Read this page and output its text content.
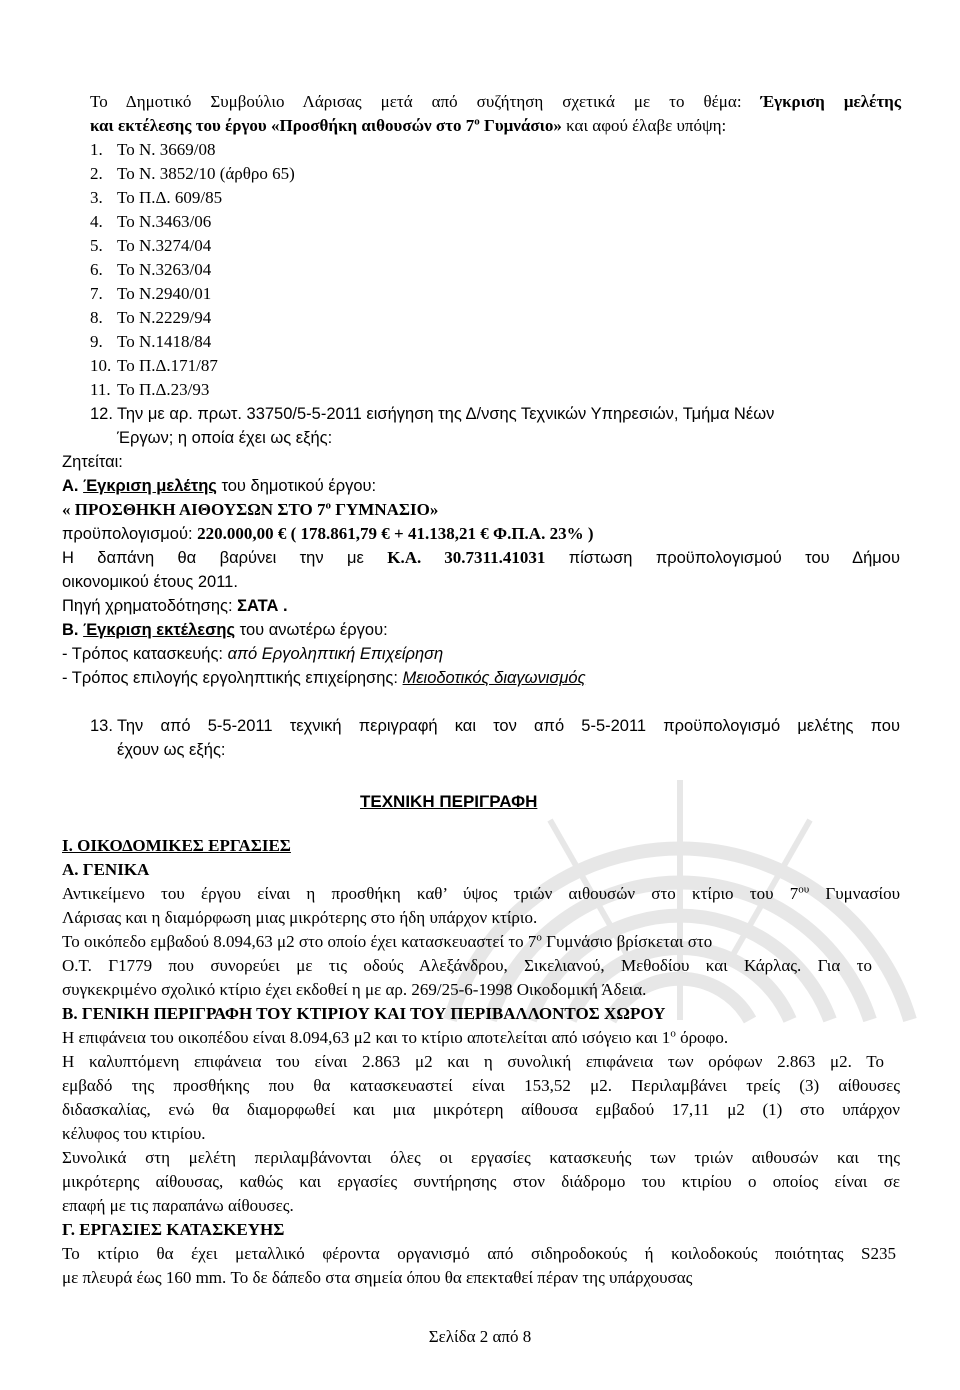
Το Δημοτικό Συμβούλιο Λάρισας μετά από συζήτηση σχετικά με το θέμα: Έγκριση μελέτης
και εκτέλεσης του έργου «Προσθήκη αιθουσών στο $7^o$ Γυμνάσιο» και αφού έλαβε υπόψη:
1. Το Ν. 3669/08
2. Το Ν. 3852/10 (άρθρο 65)
3. Το Π.Δ. 609/85
4. Το Ν.3463/06
5. Το Ν.3274/04
6. Το Ν.3263/04
7. Το Ν.2940/01
8. Το Ν.2229/94
9. Το Ν.1418/84
10. Το Π.Δ.171/87
11. Το Π.Δ.23/93
12. Την με αρ. πρωτ. 33750/5-5-2011 εισήγηση της Δ/νσης Τεχνικών Υπηρεσιών, Τμήμα Νέων
Έργων; η οποία έχει ως εξής:
Ζητείται:
Α. Έγκριση μελέτης του δημοτικού έργου:
« ΠΡΟΣΘΗΚΗ ΑΙΘΟΥΣΩΝ ΣΤΟ $7^o$ ΓΥΜΝΑΣΙΟ»
προϋπολογισμού: 220.000,00 € ( 178.861,79 € + 41.138,21 € Φ.Π.Α. 23% )
Η δαπάνη θα βαρύνει την με Κ.Α. 30.7311.41031 πίστωση προϋπολογισμού του Δήμου
οικονομικού έτους 2011.
Πηγή χρηματοδότησης: ΣΑΤΑ .
Β. Έγκριση εκτέλεσης του ανωτέρω έργου:
- Τρόπος κατασκευής: από Εργοληπτική Επιχείρηση
- Τρόπος επιλογής εργοληπτικής επιχείρησης: Μειοδοτικός διαγωνισμός
13. Την από 5-5-2011 τεχνική περιγραφή και τον από 5-5-2011 προϋπολογισμό μελέτης που
έχουν ως εξής:
ΤΕΧΝΙΚΗ ΠΕΡΙΓΡΑΦΗ
Ι. ΟΙΚΟΔΟΜΙΚΕΣ ΕΡΓΑΣΙΕΣ
Α. ΓΕΝΙΚΑ
Αντικείμενο του έργου είναι η προσθήκη καθ’ ύψος τριών αιθουσών στο κτίριο του $7^{o\upsilon}$ Γυμνασίου
Λάρισας και η διαμόρφωση μιας μικρότερης στο ήδη υπάρχον κτίριο.
Το οικόπεδο εμβαδού 8.094,63 μ2 στο οποίο έχει κατασκευαστεί το $7^o$ Γυμνάσιο βρίσκεται στο
Ο.Τ. Γ1779 που συνορεύει με τις οδούς Αλεξάνδρου, Σικελιανού, Μεθοδίου και Κάρλας. Για το
συγκεκριμένο σχολικό κτίριο έχει εκδοθεί η με αρ. 269/25-6-1998 Οικοδομική Άδεια.
Β. ΓΕΝΙΚΗ ΠΕΡΙΓΡΑΦΗ ΤΟΥ ΚΤΙΡΙΟΥ ΚΑΙ ΤΟΥ ΠΕΡΙΒΑΛΛΟΝΤΟΣ ΧΩΡΟΥ
Η επιφάνεια του οικοπέδου είναι 8.094,63 μ2 και το κτίριο αποτελείται από ισόγειο και $1^o$ όροφο.
Η καλυπτόμενη επιφάνεια του είναι 2.863 μ2 και η συνολική επιφάνεια των ορόφων 2.863 μ2. Το
εμβαδό της προσθήκης που θα κατασκευαστεί είναι 153,52 μ2. Περιλαμβάνει τρείς (3) αίθουσες
διδασκαλίας, ενώ θα διαμορφωθεί και μια μικρότερη αίθουσα εμβαδού 17,11 μ2 (1) στο υπάρχον
κέλυφος του κτιρίου.
Συνολικά στη μελέτη περιλαμβάνονται όλες οι εργασίες κατασκευής των τριών αιθουσών και της
μικρότερης αίθουσας, καθώς και εργασίες συντήρησης στον διάδρομο του κτιρίου ο οποίος είναι σε
επαφή με τις παραπάνω αίθουσες.
Γ. ΕΡΓΑΣΙΕΣ ΚΑΤΑΣΚΕΥΗΣ
Το κτίριο θα έχει μεταλλικό φέροντα οργανισμό από σιδηροδοκούς ή κοιλοδοκούς ποιότητας S235
με πλευρά έως 160 mm. Το δε δάπεδο στα σημεία όπου θα επεκταθεί πέραν της υπάρχουσας
Σελίδα 2 από 8
